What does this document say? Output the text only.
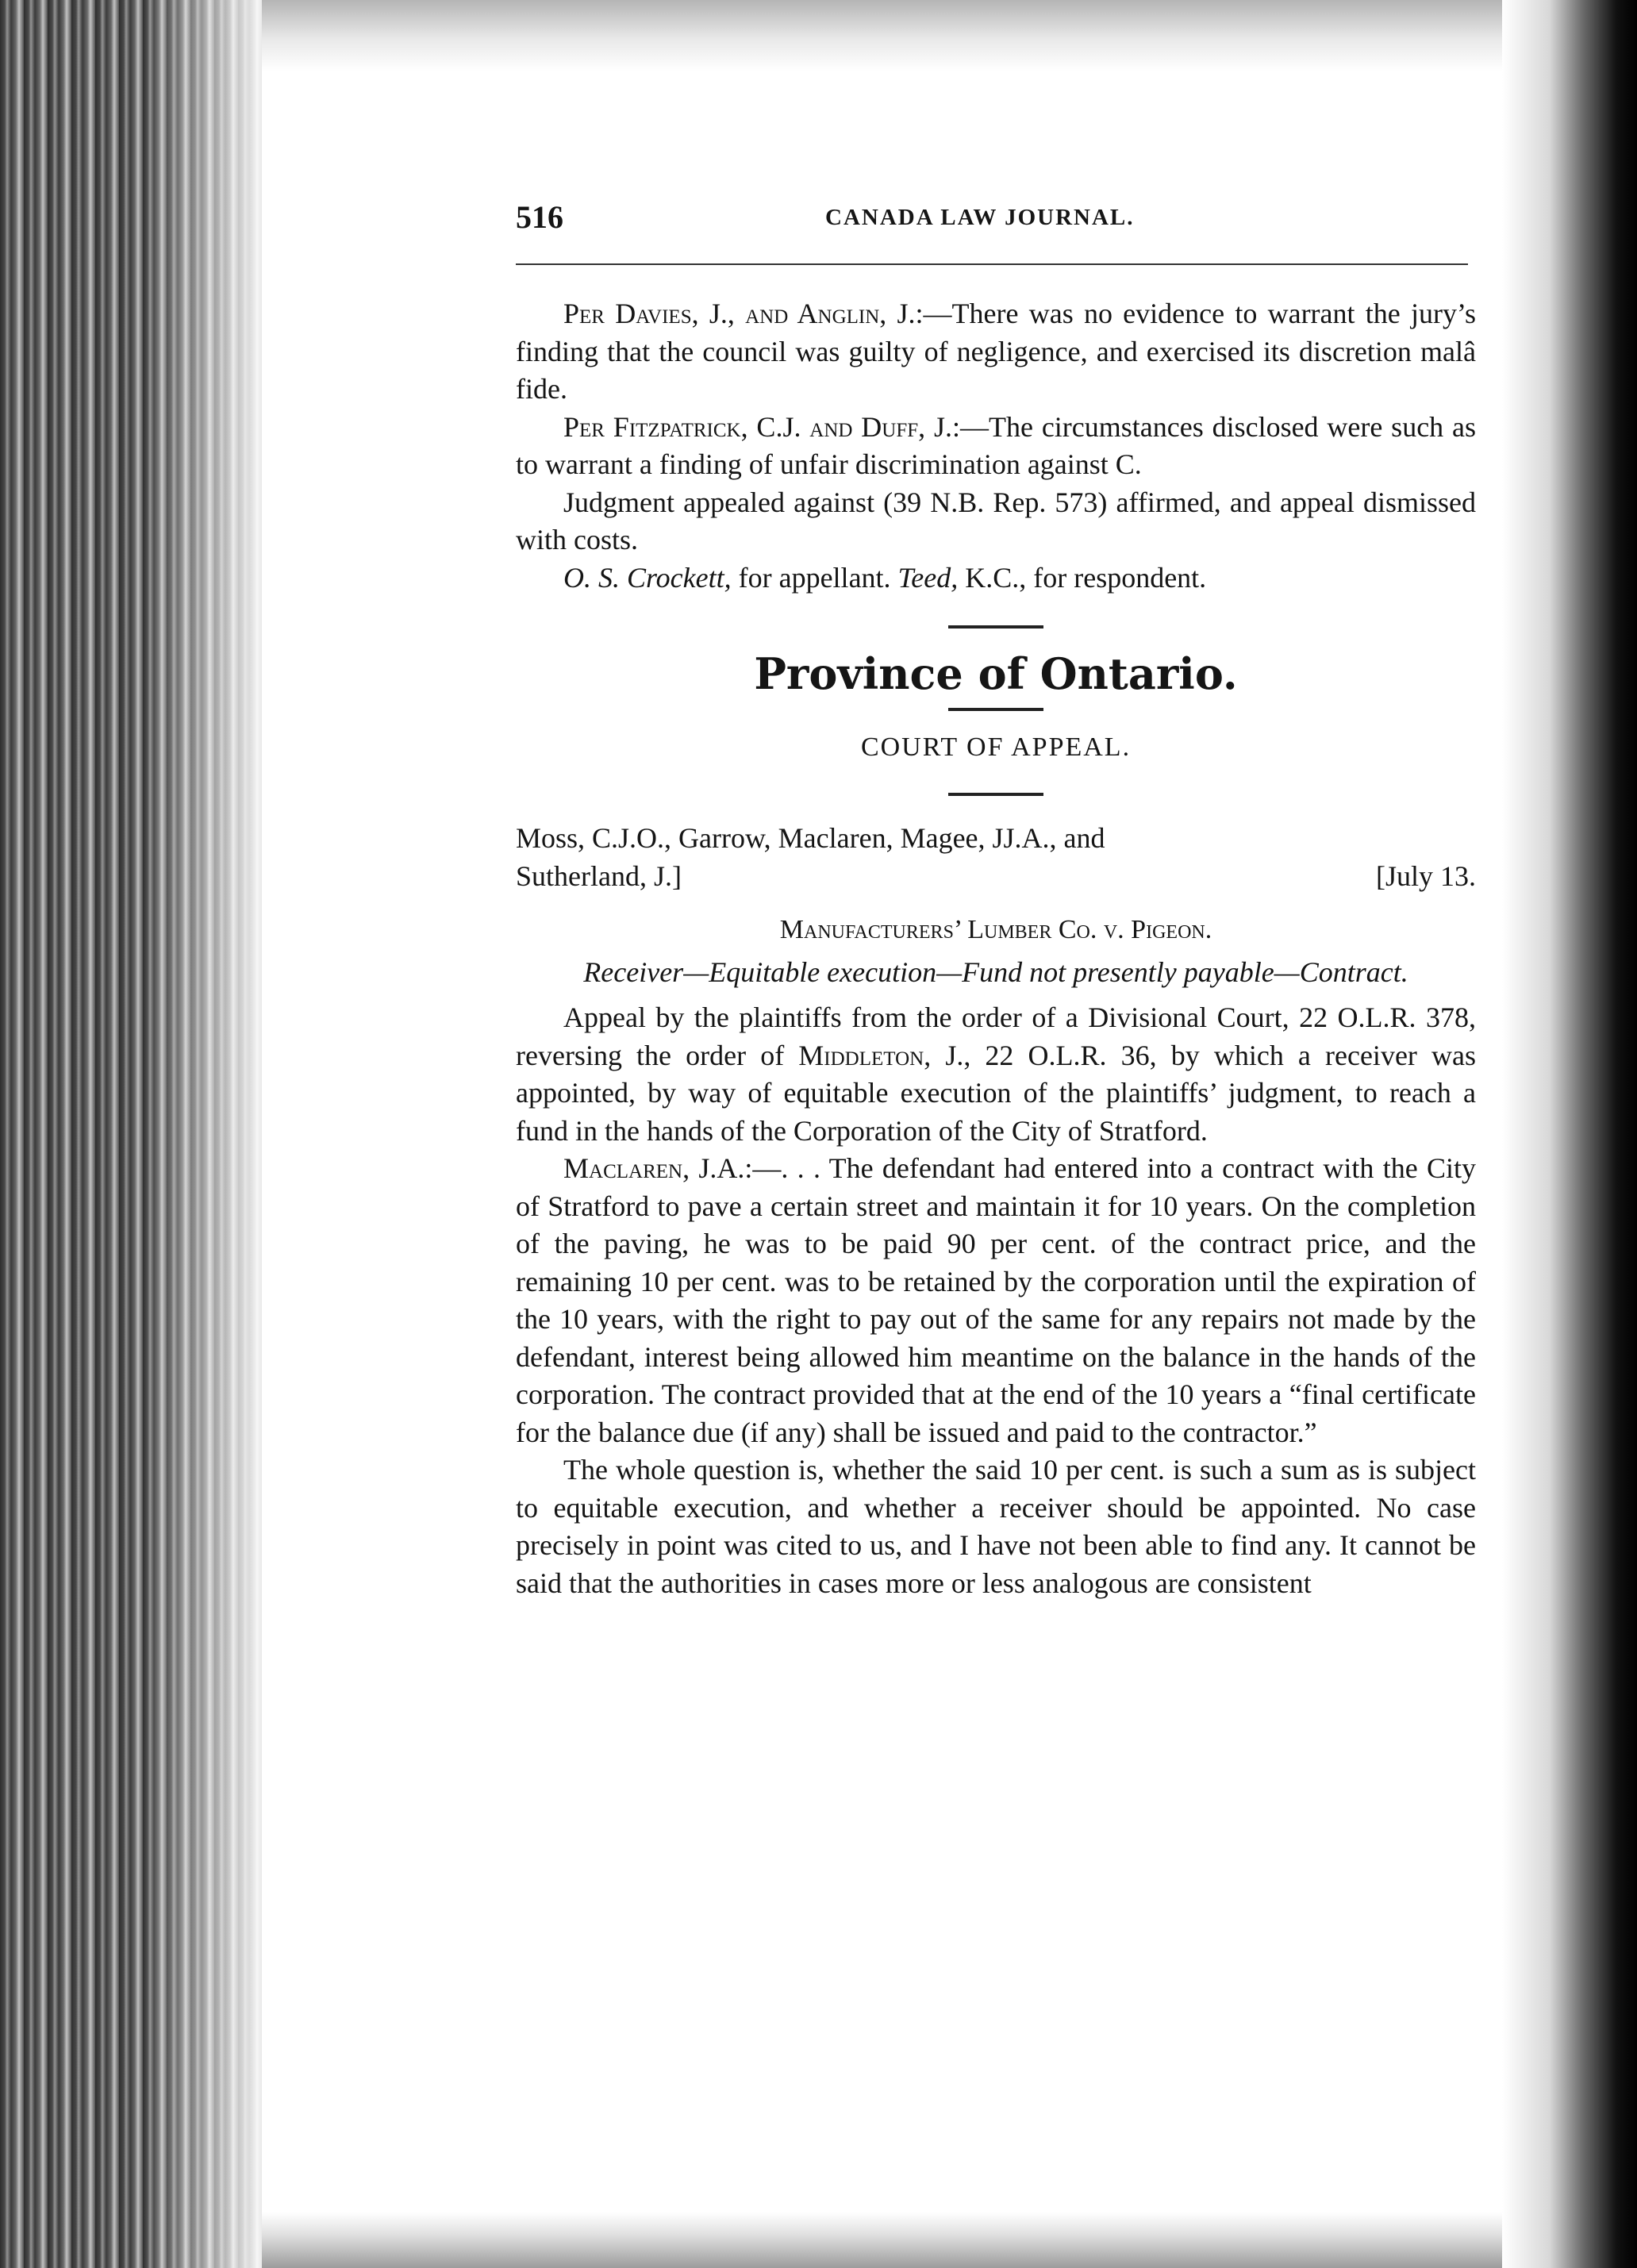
516	CANADA LAW JOURNAL.

Per Davies, J., and Anglin, J.:—There was no evidence to warrant the jury’s finding that the council was guilty of negligence, and exercised its discretion malâ fide.

Per Fitzpatrick, C.J. and Duff, J.:—The circumstances disclosed were such as to warrant a finding of unfair discrimination against C.

Judgment appealed against (39 N.B. Rep. 573) affirmed, and appeal dismissed with costs.

O. S. Crockett, for appellant. Teed, K.C., for respondent.

Province of Ontario.

COURT OF APPEAL.

Moss, C.J.O., Garrow, Maclaren, Magee, JJ.A., and

Sutherland, J.]	[July 13.

Manufacturers’ Lumber Co. v. Pigeon.

Receiver—Equitable execution—Fund not presently payable—Contract.

Appeal by the plaintiffs from the order of a Divisional Court, 22 O.L.R. 378, reversing the order of Middleton, J., 22 O.L.R. 36, by which a receiver was appointed, by way of equitable execution of the plaintiffs’ judgment, to reach a fund in the hands of the Corporation of the City of Stratford.

Maclaren, J.A.:—. . . The defendant had entered into a contract with the City of Stratford to pave a certain street and maintain it for 10 years. On the completion of the paving, he was to be paid 90 per cent. of the contract price, and the remaining 10 per cent. was to be retained by the corporation until the expiration of the 10 years, with the right to pay out of the same for any repairs not made by the defendant, interest being allowed him meantime on the balance in the hands of the corporation. The contract provided that at the end of the 10 years a “final certificate for the balance due (if any) shall be issued and paid to the contractor.”

The whole question is, whether the said 10 per cent. is such a sum as is subject to equitable execution, and whether a receiver should be appointed. No case precisely in point was cited to us, and I have not been able to find any. It cannot be said that the authorities in cases more or less analogous are consistent
